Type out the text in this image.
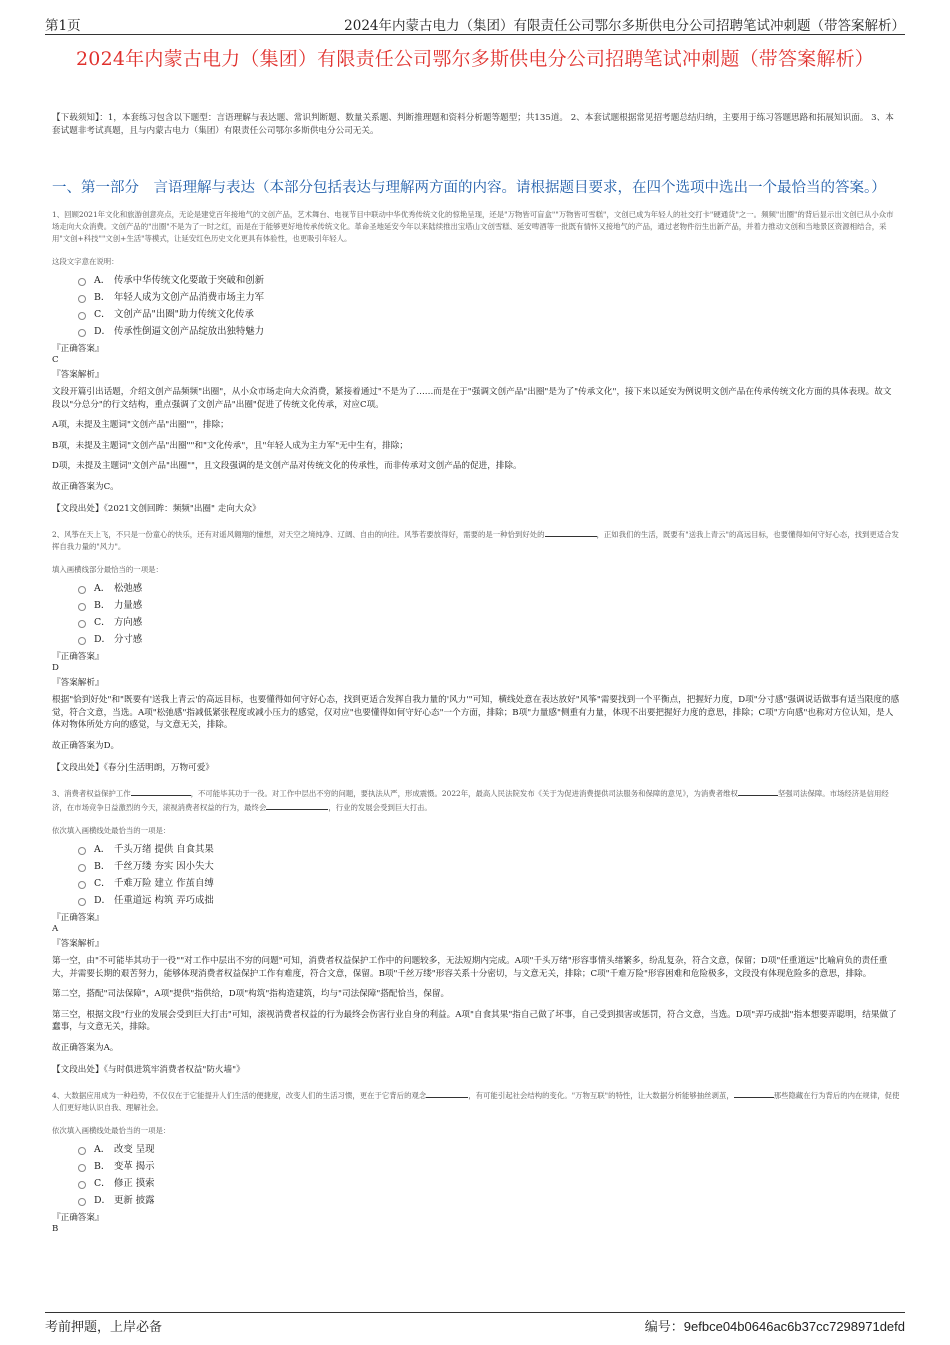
第1页	2024年内蒙古电力（集团）有限责任公司鄂尔多斯供电分公司招聘笔试冲刺题（带答案解析）
2024年内蒙古电力（集团）有限责任公司鄂尔多斯供电分公司招聘笔试冲刺题（带答案解析）
【下载须知】：1，本套练习包含以下题型：言语理解与表达题、常识判断题、数量关系题、判断推理题和资料分析题等题型；共135道。 2、本套试题根据常见招考题总结归纳，主要用于练习答题思路和拓展知识面。 3、本套试题非考试真题，且与内蒙古电力（集团）有限责任公司鄂尔多斯供电分公司无关。
一、第一部分　言语理解与表达（本部分包括表达与理解两方面的内容。请根据题目要求，在四个选项中选出一个最恰当的答案。）
1、回顾2021年文化和旅游创意亮点，无论是建党百年接地气的文创产品，艺术舞台、电视节目中联动中华优秀传统文化的惊艳呈现，还是"万物皆可盲盒""万物皆可雪糕"，文创已成为年轻人的社交打卡"硬通货"之一。频频"出圈"的背后显示出文创已从小众市场走向大众消费。文创产品的"出圈"不是为了一时之红，而是在于能够更好地传承传统文化。革命圣地延安今年以来陆续推出宝塔山文创雪糕、延安啤酒等一批既有情怀又接地气的产品，通过老物件衍生出新产品，并着力推动文创和当地景区资源相结合，采用"文创+科技""文创+生活"等模式，让延安红色历史文化更具有体验性，也更吸引年轻人。
这段文字意在说明：
A． 传承中华传统文化要敢于突破和创新
B． 年轻人成为文创产品消费市场主力军
C． 文创产品"出圈"助力传统文化传承
D． 传承性倒逼文创产品绽放出独特魅力
『正确答案』
C
『答案解析』
文段开篇引出话题，介绍文创产品频频"出圈"，从小众市场走向大众消费，紧接着通过"不是为了……而是在于"强调文创产品"出圈"是为了"传承文化"，接下来以延安为例说明文创产品在传承传统文化方面的具体表现。故文段以"分总分"的行文结构，重点强调了文创产品"出圈"促进了传统文化传承，对应C项。
A项，未提及主题词"文创产品"出圈""，排除；
B项，未提及主题词"文创产品"出圈""和"文化传承"，且"年轻人成为主力军"无中生有，排除；
D项，未提及主题词"文创产品"出圈""，且文段强调的是文创产品对传统文化的传承性，而非传承对文创产品的促进，排除。
故正确答案为C。
【文段出处】《2021文创回眸：频频"出圈" 走向大众》
2、风筝在天上飞，不只是一份童心的快乐，还有对遥风翱翔的憧想，对天空之境纯净、辽阔、自由的向往。风筝若要放得好，需要的是一种恰到好处的	，正如我们的生活，既要有"送我上青云"的高远目标，也要懂得如何守好心态，找到更适合发挥自我力量的"风力"。
填入画横线部分最恰当的一项是：
A． 松弛感
B． 力量感
C． 方向感
D． 分寸感
『正确答案』
D
『答案解析』
根据"恰到好处"和"既要有'送我上青云'的高远目标，也要懂得如何守好心态，找到更适合发挥自我力量的'风力'"可知，横线处意在表达放好"风筝"需要找到一个平衡点，把握好力度，D项"分寸感"强调说话做事有适当限度的感觉，符合文意，当选。A项"松弛感"指减低紧张程度或减小压力的感觉，仅对应"也要懂得如何守好心态"一个方面，排除；B项"力量感"侧重有力量，体现不出要把握好力度的意思，排除；C项"方向感"也称对方位认知，是人体对物体所处方向的感觉，与文意无关，排除。
故正确答案为D。
【文段出处】《春分|生活明朗，万物可爱》
3、消费者权益保护工作	，不可能毕其功于一役。对工作中层出不穷的问题，要执法从严，形成震慑。2022年，最高人民法院发布《关于为促进消费提供司法服务和保障的意见》，为消费者维权	坚强司法保障。市场经济是信用经济，在市场竞争日益激烈的今天，滚视消费者权益的行为，最终会	，行业的发展会受到巨大打击。
依次填入画横线处最恰当的一项是：
A． 千头万绪 提供 自食其果
B． 千丝万缕 夯实 因小失大
C． 千难万险 建立 作茧自缚
D． 任重道远 构筑 弄巧成拙
『正确答案』
A
『答案解析』
第一空，由"不可能毕其功于一役""对工作中层出不穷的问题"可知，消费者权益保护工作中的问题较多，无法短期内完成。A项"千头万绪"形容事情头绪繁多，纷乱复杂，符合文意，保留；D项"任重道远"比喻肩负的责任重大，并需要长期的艰苦努力，能够体现消费者权益保护工作有难度，符合文意，保留。B项"千丝万缕"形容关系十分密切，与文意无关，排除；C项"千难万险"形容困难和危险极多，文段没有体现危险多的意思，排除。
第二空，搭配"司法保障"，A项"提供"指供给，D项"构筑"指构造建筑，均与"司法保障"搭配恰当，保留。
第三空，根据文段"行业的发展会受到巨大打击"可知，滚视消费者权益的行为最终会伤害行业自身的利益。A项"自食其果"指自己做了坏事，自己受到损害或惩罚，符合文意，当选。D项"弄巧成拙"指本想要弄聪明，结果做了蠢事，与文意无关，排除。
故正确答案为A。
【文段出处】《与时俱进筑牢消费者权益"防火墙"》
4、大数据应用成为一种趋势，不仅仅在于它能提升人们生活的便捷度，改变人们的生活习惯，更在于它背后的观念	，有可能引起社会结构的变化。"万物互联"的特性，让大数据分析能够抽丝剥茧，	那些隐藏在行为背后的内在规律，促使人们更好地认识自我、理解社会。
依次填入画横线处最恰当的一项是：
A． 改变 呈现
B． 变革 揭示
C． 修正 摸索
D． 更新 披露
『正确答案』
B
考前押题，上岸必备	编号：9efbce04b0646ac6b37cc7298971defd
